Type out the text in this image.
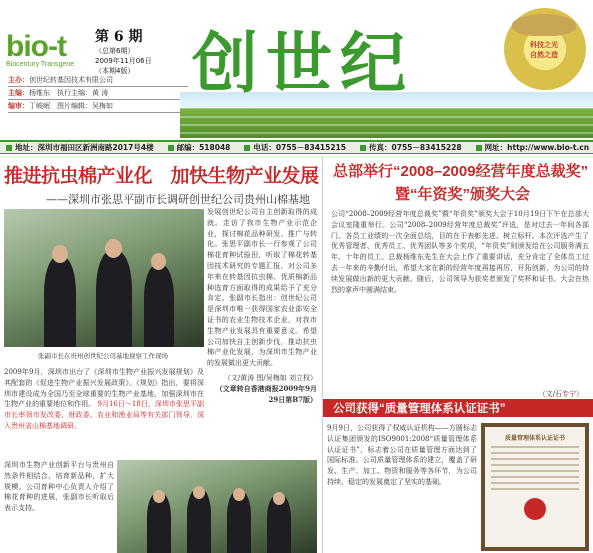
bio-t
Biocentury Transgene
第 6 期
（总第6期）
2009年11月06日
（本期4版）
主办： 创世纪转基因技术有限公司
主编： 杨维东　执行主编：黄 涛
编审： 丁峻岷　图片编辑：吴梅如
创世纪	科技之光
自然之造
地址：深圳市福田区新洲南路2017号4楼	邮编：518048	电话：0755－83415215	传真：0755－83415228	网址：http://www.bio-t.cn
推进抗虫棉产业化　加快生物产业发展
——深圳市张思平副市长调研创世纪公司贵州山棉基地
张副市长在贵州创世纪公司基地视察工作现场
发展创世纪公司自主创新取得的成就。走访了我市生物产业示范企业，探讨棉花品种研发、推广与转化。张思平副市长一行参观了公司棉花育种试验田，听取了棉花转基因技术研究的专题汇报，对公司多年来在转基因抗虫棉、优质棉新品种选育方面取得的成果给予了充分肯定。张副市长指出：创世纪公司是深圳市唯一获得国家农业部安全证书的农业生物技术企业，对我市生物产业发展具有重要意义。希望公司加快自主创新步伐，推动抗虫棉产业化发展，为深圳市生物产业的发展做出更大贡献。
（文/黄涛 图/吴梅如 刘立权）
（文章转自香港商报2009年9月29日第B7版）
2009年9月，深圳市出台了《深圳市生物产业振兴发展规划》及其配套的《促进生物产业振兴发展政策》。《规划》指出，要将深圳市建设成为全国乃至全球重要的生物产业基地，加强深圳市在生物产业的重要地位和作用。 9月16日～18日，深圳市张思平副市长率领市发改委、财政委、农业和渔业局等有关部门领导，深入贵州省山棉基地调研。
深圳市生物产业创新平台与贵州自然条件相结合，培育新品种，扩大规模。公司育种中心负责人介绍了棉花育种的进展，张副市长听取后表示支持。
总部举行“2008–2009经营年度总裁奖”
暨“年资奖”颁奖大会
公司“2008–2009经营年度总裁奖”暨“年资奖”颁奖大会于10月19日下午在总部大会议室隆重举行。公司“2008–2009经营年度总裁奖”评选，是对过去一年间各部门、各员工业绩的一次全面总结，目的在于表彰先进、树立标杆。本次评选产生了优秀管理者、优秀员工、优秀团队等多个奖项，“年资奖”则颁发给在公司服务满五年、十年的员工。总裁杨维东先生在大会上作了重要讲话，充分肯定了全体员工过去一年来的辛勤付出，希望大家在新的经营年度再接再厉，开拓创新，为公司的持续发展做出新的更大贡献。随后，公司领导为获奖者颁发了奖杯和证书。大会在热烈的掌声中圆满结束。
（文/石专宁）
公司获得“质量管理体系认证证书”
9月9日，公司获得了权威认证机构——方圆标志认证集团颁发的ISO9001:2008“质量管理体系认证证书”，标志着公司在质量管理方面达到了国际标准。公司质量管理体系的建立，覆盖了研发、生产、加工、物资和服务等各环节，为公司持续、稳定的发展奠定了坚实的基础。
质量管理体系认证证书
